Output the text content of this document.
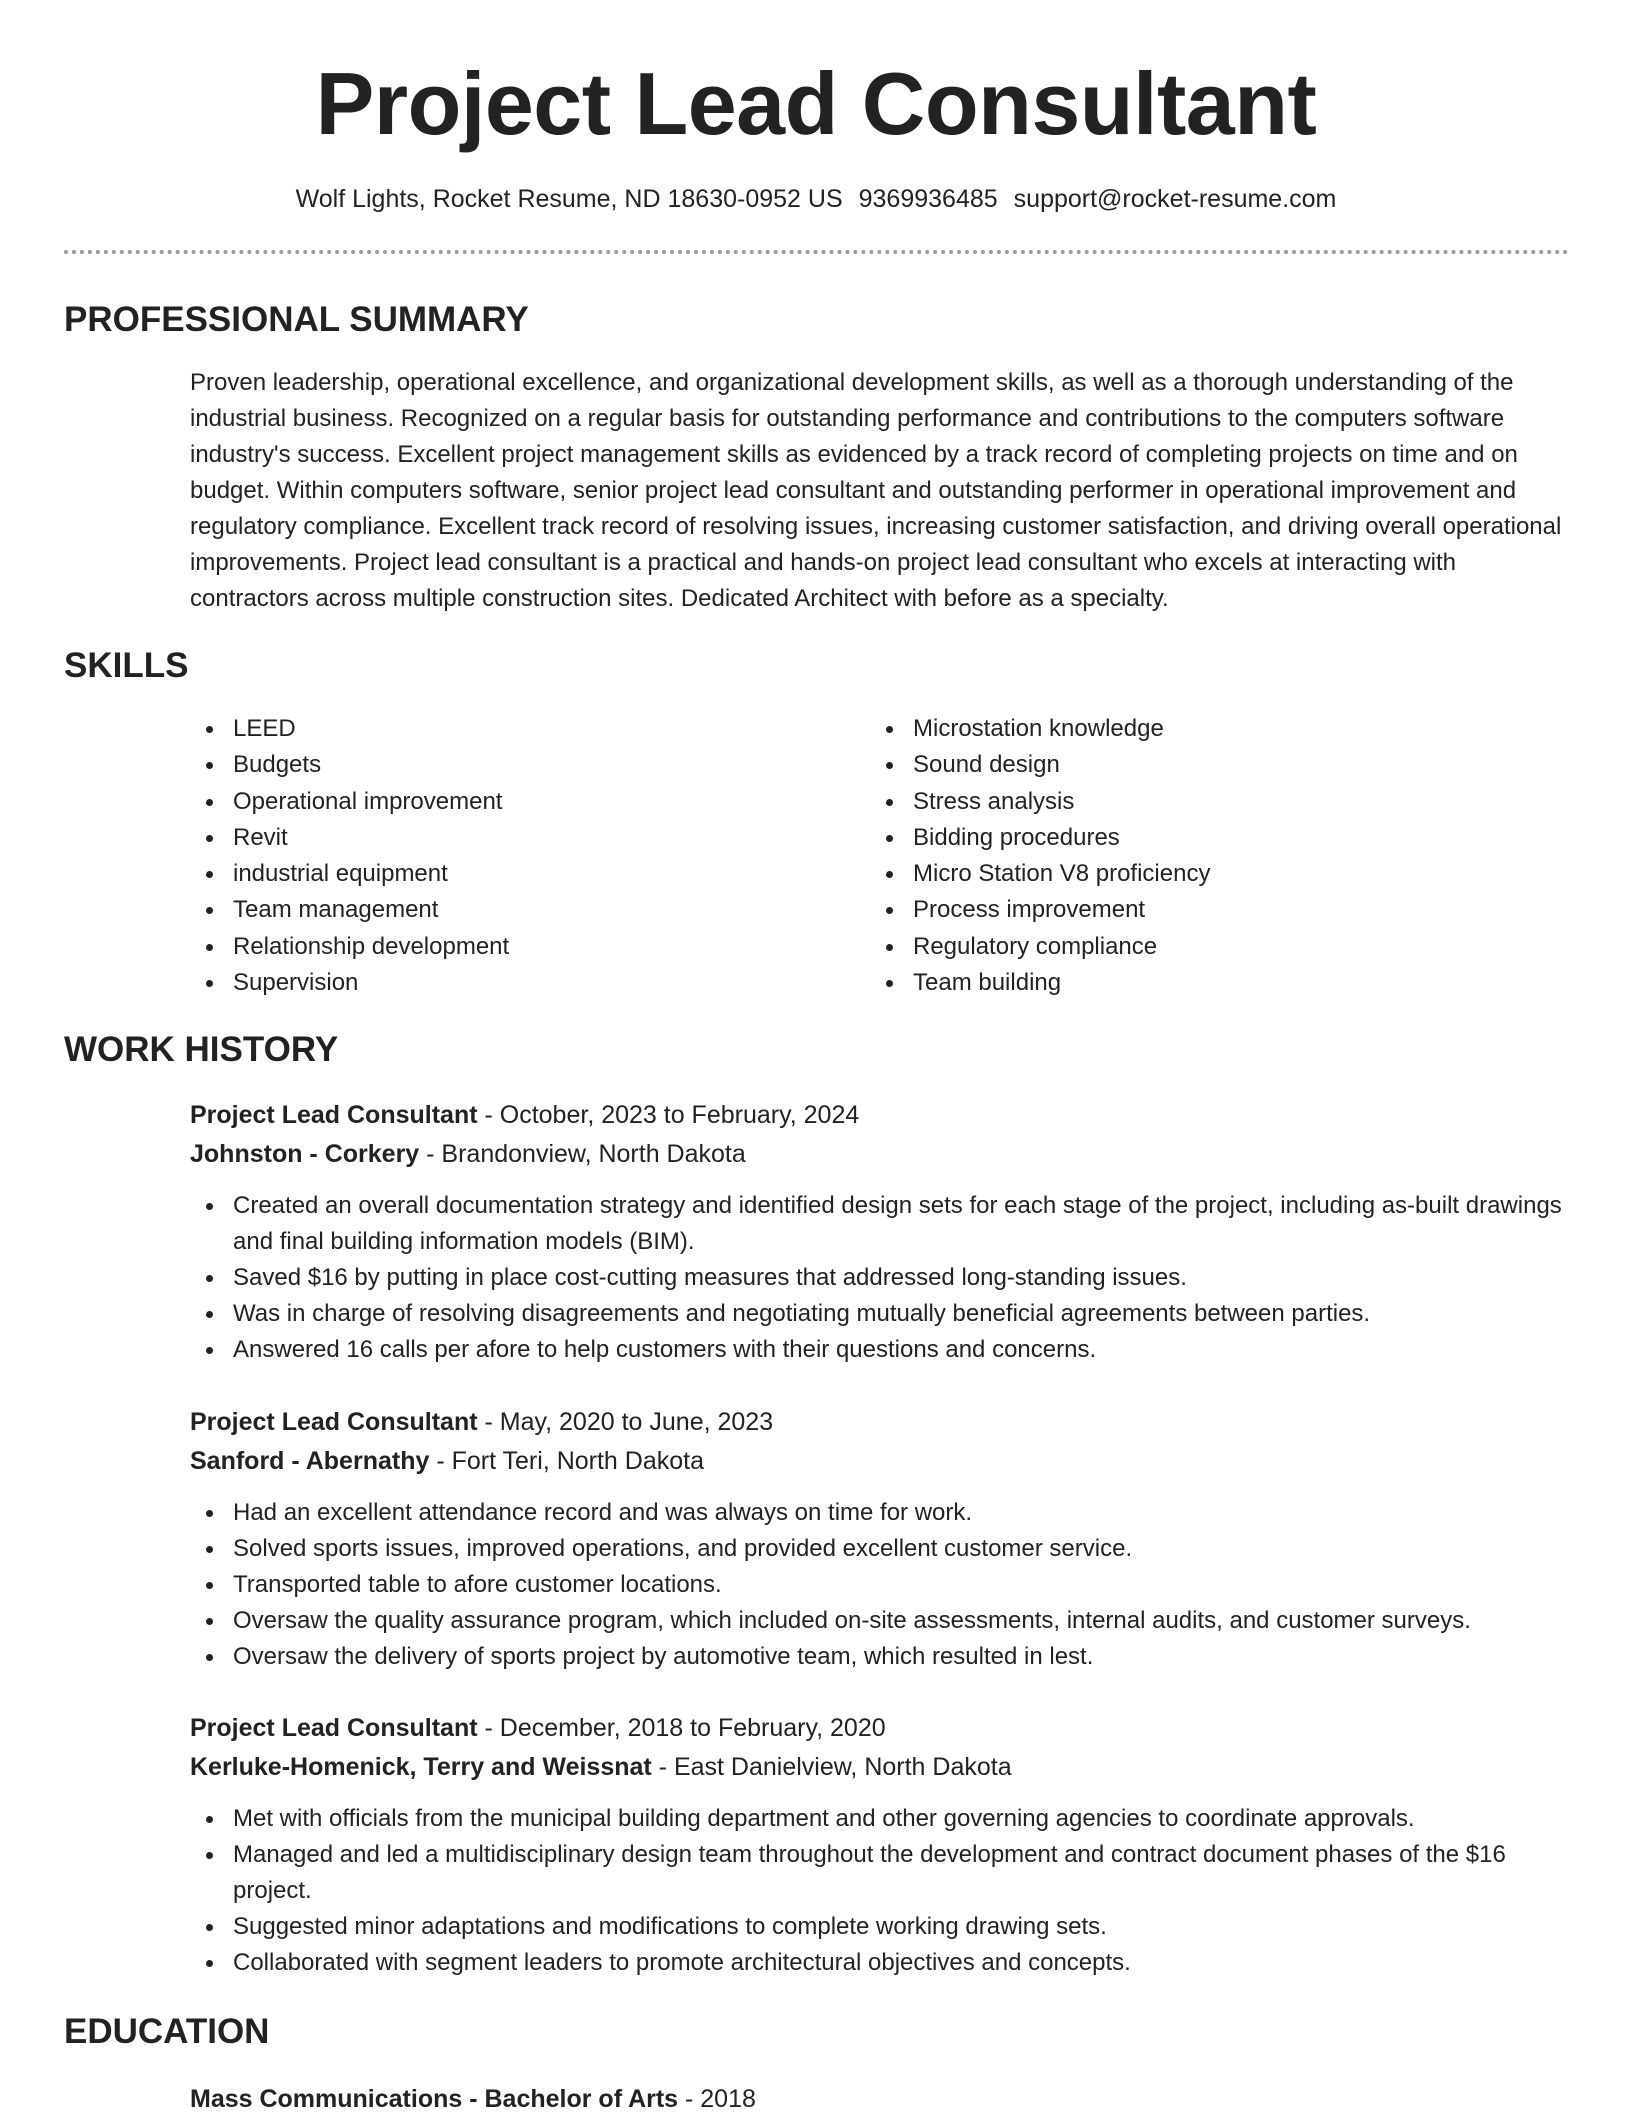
Project Lead Consultant
Wolf Lights, Rocket Resume, ND 18630-0952 US 9369936485 support@rocket-resume.com
PROFESSIONAL SUMMARY

Proven leadership, operational excellence, and organizational development skills, as well as a thorough understanding of the industrial business. Recognized on a regular basis for outstanding performance and contributions to the computers software industry's success. Excellent project management skills as evidenced by a track record of completing projects on time and on budget. Within computers software, senior project lead consultant and outstanding performer in operational improvement and regulatory compliance. Excellent track record of resolving issues, increasing customer satisfaction, and driving overall operational improvements. Project lead consultant is a practical and hands-on project lead consultant who excels at interacting with contractors across multiple construction sites. Dedicated Architect with before as a specialty.

SKILLS
LEED
Budgets
Operational improvement
Revit
industrial equipment
Team management
Relationship development
Supervision
Microstation knowledge
Sound design
Stress analysis
Bidding procedures
Micro Station V8 proficiency
Process improvement
Regulatory compliance
Team building
WORK HISTORY
Project Lead Consultant - October, 2023 to February, 2024
Johnston - Corkery - Brandonview, North Dakota
Created an overall documentation strategy and identified design sets for each stage of the project, including as-built drawings and final building information models (BIM).
Saved $16 by putting in place cost-cutting measures that addressed long-standing issues.
Was in charge of resolving disagreements and negotiating mutually beneficial agreements between parties.
Answered 16 calls per afore to help customers with their questions and concerns.
Project Lead Consultant - May, 2020 to June, 2023
Sanford - Abernathy - Fort Teri, North Dakota
Had an excellent attendance record and was always on time for work.
Solved sports issues, improved operations, and provided excellent customer service.
Transported table to afore customer locations.
Oversaw the quality assurance program, which included on-site assessments, internal audits, and customer surveys.
Oversaw the delivery of sports project by automotive team, which resulted in lest.
Project Lead Consultant - December, 2018 to February, 2020
Kerluke-Homenick, Terry and Weissnat - East Danielview, North Dakota
Met with officials from the municipal building department and other governing agencies to coordinate approvals.
Managed and led a multidisciplinary design team throughout the development and contract document phases of the $16 project.
Suggested minor adaptations and modifications to complete working drawing sets.
Collaborated with segment leaders to promote architectural objectives and concepts.
EDUCATION
Mass Communications - Bachelor of Arts - 2018
